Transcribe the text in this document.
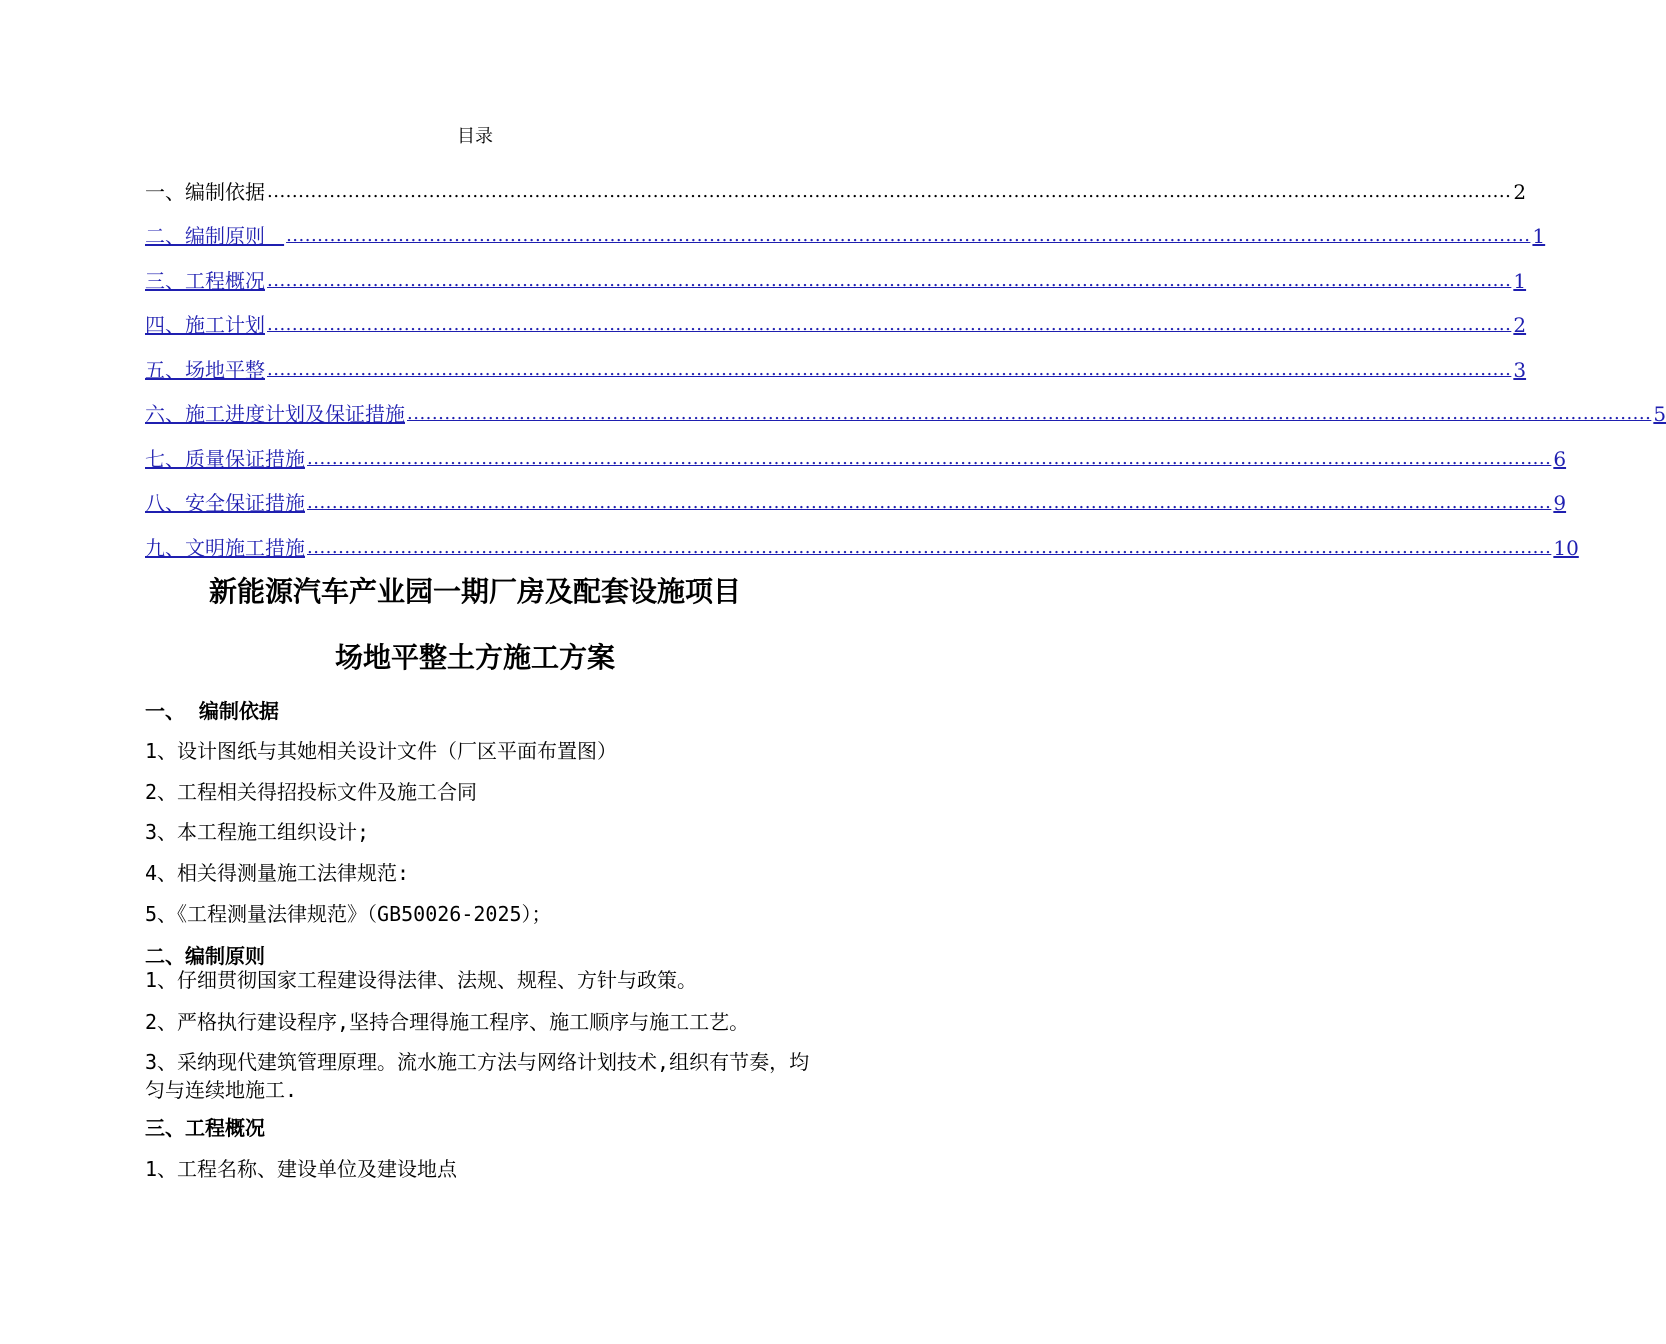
目录
一、编制依据 ........................................................................................................................................................................................................ 2
二、编制原则 ........................................................................................................................................................................................................ 1
三、工程概况 ........................................................................................................................................................................................................ 1
四、施工计划 ........................................................................................................................................................................................................ 2
五、场地平整 ........................................................................................................................................................................................................ 3
六、施工进度计划及保证措施 ........................................................................................................................................................................................................ 5
七、质量保证措施 ........................................................................................................................................................................................................ 6
八、安全保证措施 ........................................................................................................................................................................................................ 9
九、文明施工措施 ........................................................................................................................................................................................................ 10
新能源汽车产业园一期厂房及配套设施项目
场地平整土方施工方案
一、  编制依据
1、设计图纸与其她相关设计文件（厂区平面布置图）
2、工程相关得招投标文件及施工合同
3、本工程施工组织设计;
4、相关得测量施工法律规范:
5、《工程测量法律规范》（GB50026-2025）；
二、编制原则
1、仔细贯彻国家工程建设得法律、法规、规程、方针与政策。
2、严格执行建设程序,坚持合理得施工程序、施工顺序与施工工艺。
3、采纳现代建筑管理原理。流水施工方法与网络计划技术,组织有节奏，均匀与连续地施工.
三、工程概况
1、工程名称、建设单位及建设地点
